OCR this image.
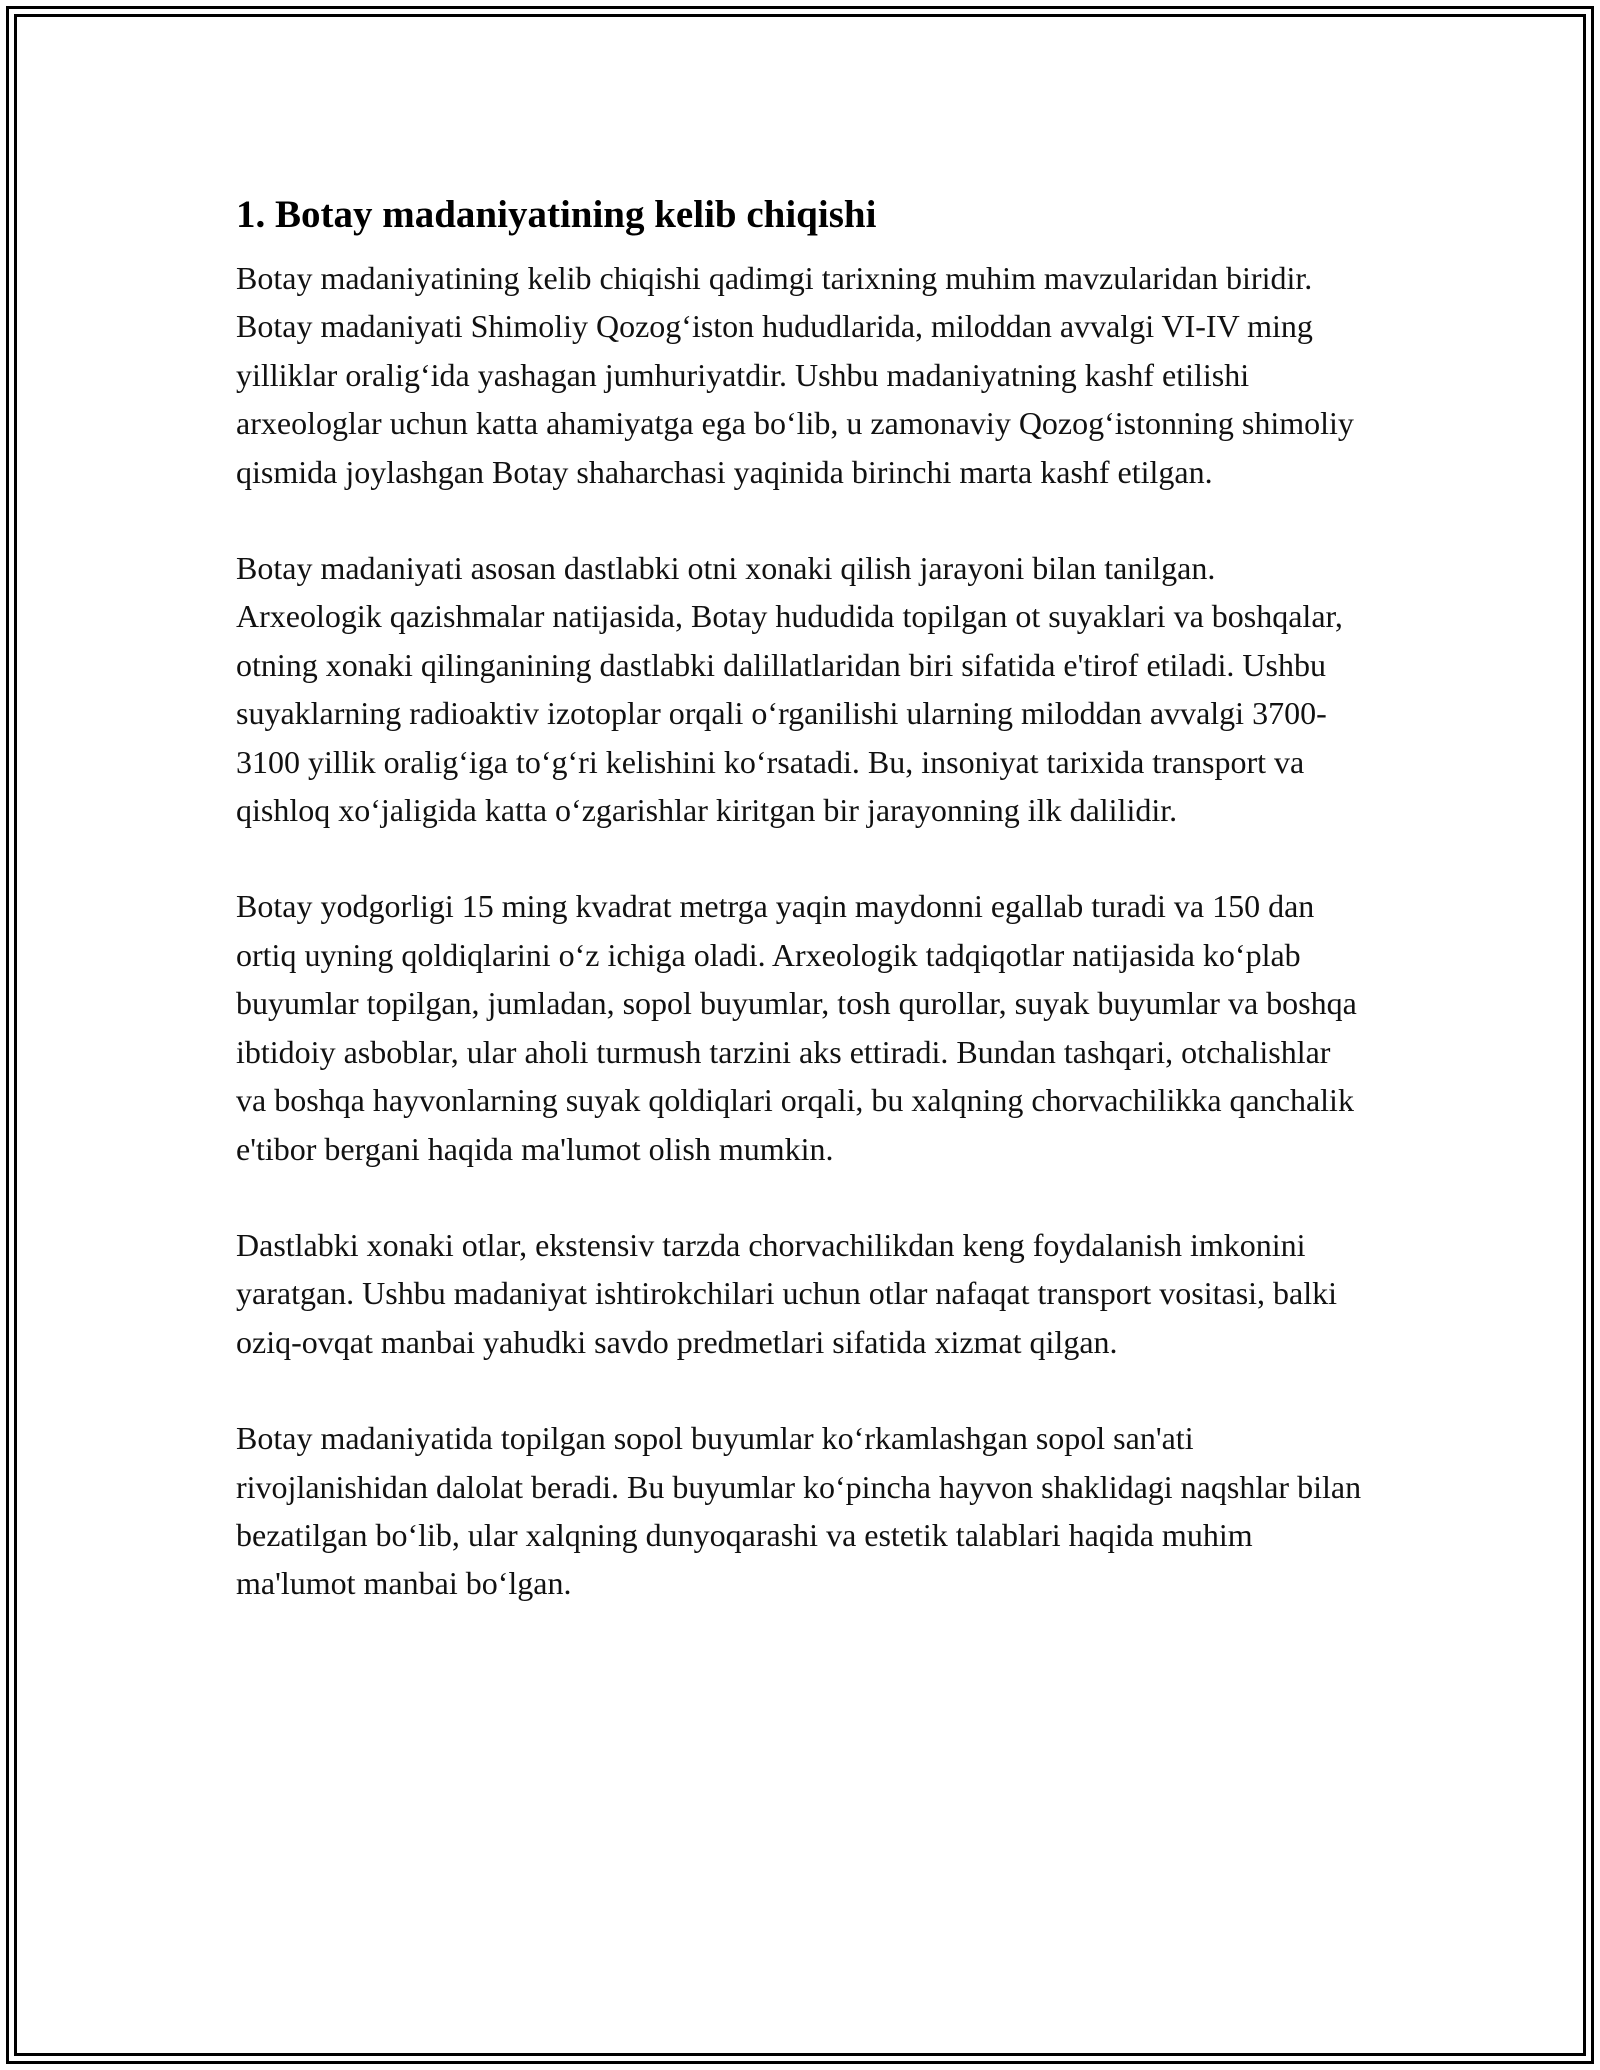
1. Botay madaniyatining kelib chiqishi

Botay madaniyatining kelib chiqishi qadimgi tarixning muhim mavzularidan biridir. Botay madaniyati Shimoliy Qozog‘iston hududlarida, miloddan avvalgi VI-IV ming yilliklar oralig‘ida yashagan jumhuriyatdir. Ushbu madaniyatning kashf etilishi arxeologlar uchun katta ahamiyatga ega bo‘lib, u zamonaviy Qozog‘istonning shimoliy qismida joylashgan Botay shaharchasi yaqinida birinchi marta kashf etilgan.

Botay madaniyati asosan dastlabki otni xonaki qilish jarayoni bilan tanilgan. Arxeologik qazishmalar natijasida, Botay hududida topilgan ot suyaklari va boshqalar, otning xonaki qilinganining dastlabki dalillatlaridan biri sifatida e'tirof etiladi. Ushbu suyaklarning radioaktiv izotoplar orqali o‘rganilishi ularning miloddan avvalgi 3700-3100 yillik oralig‘iga to‘g‘ri kelishini ko‘rsatadi. Bu, insoniyat tarixida transport va qishloq xo‘jaligida katta o‘zgarishlar kiritgan bir jarayonning ilk dalilidir.

Botay yodgorligi 15 ming kvadrat metrga yaqin maydonni egallab turadi va 150 dan ortiq uyning qoldiqlarini o‘z ichiga oladi. Arxeologik tadqiqotlar natijasida ko‘plab buyumlar topilgan, jumladan, sopol buyumlar, tosh qurollar, suyak buyumlar va boshqa ibtidoiy asboblar, ular aholi turmush tarzini aks ettiradi. Bundan tashqari, otchalishlar va boshqa hayvonlarning suyak qoldiqlari orqali, bu xalqning chorvachilikka qanchalik e'tibor bergani haqida ma'lumot olish mumkin.

Dastlabki xonaki otlar, ekstensiv tarzda chorvachilikdan keng foydalanish imkonini yaratgan. Ushbu madaniyat ishtirokchilari uchun otlar nafaqat transport vositasi, balki oziq-ovqat manbai yahudki savdo predmetlari sifatida xizmat qilgan.

Botay madaniyatida topilgan sopol buyumlar ko‘rkamlashgan sopol san'ati rivojlanishidan dalolat beradi. Bu buyumlar ko‘pincha hayvon shaklidagi naqshlar bilan bezatilgan bo‘lib, ular xalqning dunyoqarashi va estetik talablari haqida muhim ma'lumot manbai bo‘lgan.
